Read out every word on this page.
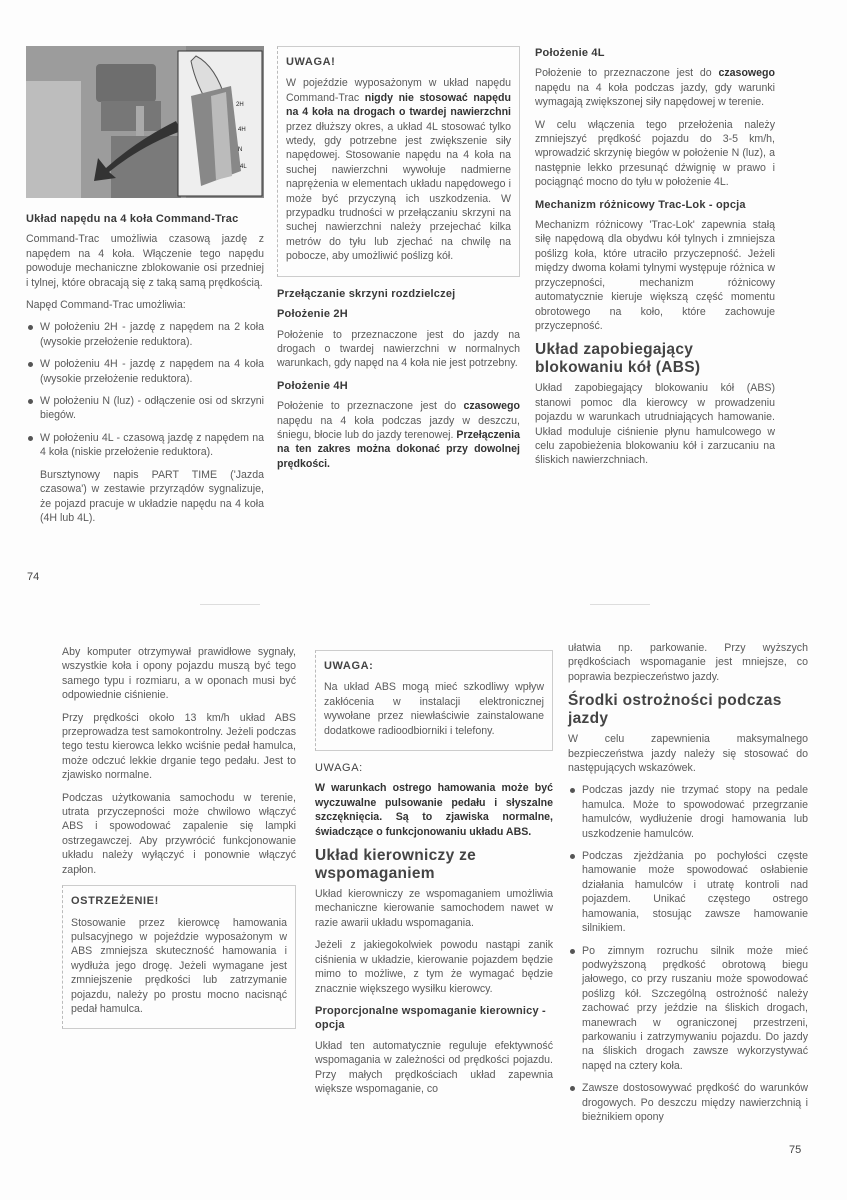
2H
4H
N
4L
Układ napędu na 4 koła Command-Trac

Command-Trac umożliwia czasową jazdę z napędem na 4 koła. Włączenie tego napędu powoduje mechaniczne zblokowanie osi przedniej i tylnej, które obracają się z taką samą prędkością.

Napęd Command-Trac umożliwia:

W położeniu 2H - jazdę z napędem na 2 koła (wysokie przełożenie reduktora).

W położeniu 4H - jazdę z napędem na 4 koła (wysokie przełożenie reduktora).

W położeniu N (luz) - odłączenie osi od skrzyni biegów.

W położeniu 4L - czasową jazdę z napędem na 4 koła (niskie przełożenie reduktora).

Bursztynowy napis PART TIME ('Jazda czasowa') w zestawie przyrządów sygnalizuje, że pojazd pracuje w układzie napędu na 4 koła (4H lub 4L).

UWAGA!

W pojeździe wyposażonym w układ napędu Command-Trac nigdy nie stosować napędu na 4 koła na drogach o twardej nawierzchni przez dłuższy okres, a układ 4L stosować tylko wtedy, gdy potrzebne jest zwiększenie siły napędowej. Stosowanie napędu na 4 koła na suchej nawierzchni wywołuje nadmierne naprężenia w elementach układu napędowego i może być przyczyną ich uszkodzenia. W przypadku trudności w przełączaniu skrzyni na suchej nawierzchni należy przejechać kilka metrów do tyłu lub zjechać na chwilę na pobocze, aby umożliwić poślizg kół.

Przełączanie skrzyni rozdzielczej
Położenie 2H

Położenie to przeznaczone jest do jazdy na drogach o twardej nawierzchni w normalnych warunkach, gdy napęd na 4 koła nie jest potrzebny.

Położenie 4H

Położenie to przeznaczone jest do czasowego napędu na 4 koła podczas jazdy w deszczu, śniegu, błocie lub do jazdy terenowej. Przełączenia na ten zakres można dokonać przy dowolnej prędkości.

Położenie 4L

Położenie to przeznaczone jest do czasowego napędu na 4 koła podczas jazdy, gdy warunki wymagają zwiększonej siły napędowej w terenie.

W celu włączenia tego przełożenia należy zmniejszyć prędkość pojazdu do 3-5 km/h, wprowadzić skrzynię biegów w położenie N (luz), a następnie lekko przesunąć dźwignię w prawo i pociągnąć mocno do tyłu w położenie 4L.

Mechanizm różnicowy Trac-Lok - opcja

Mechanizm różnicowy 'Trac-Lok' zapewnia stałą siłę napędową dla obydwu kół tylnych i zmniejsza poślizg koła, które utraciło przyczepność. Jeżeli między dwoma kołami tylnymi występuje różnica w przyczepności, mechanizm różnicowy automatycznie kieruje większą część momentu obrotowego na koło, które zachowuje przyczepność.

Układ zapobiegający blokowaniu kół (ABS)

Układ zapobiegający blokowaniu kół (ABS) stanowi pomoc dla kierowcy w prowadzeniu pojazdu w warunkach utrudniających hamowanie. Układ moduluje ciśnienie płynu hamulcowego w celu zapobieżenia blokowaniu kół i zarzucaniu na śliskich nawierzchniach.

74

Aby komputer otrzymywał prawidłowe sygnały, wszystkie koła i opony pojazdu muszą być tego samego typu i rozmiaru, a w oponach musi być odpowiednie ciśnienie.

Przy prędkości około 13 km/h układ ABS przeprowadza test samokontrolny. Jeżeli podczas tego testu kierowca lekko wciśnie pedał hamulca, może odczuć lekkie drganie tego pedału. Jest to zjawisko normalne.

Podczas użytkowania samochodu w terenie, utrata przyczepności może chwilowo włączyć ABS i spowodować zapalenie się lampki ostrzegawczej. Aby przywrócić funkcjonowanie układu należy wyłączyć i ponownie włączyć zapłon.

OSTRZEŻENIE!

Stosowanie przez kierowcę hamowania pulsacyjnego w pojeździe wyposażonym w ABS zmniejsza skuteczność hamowania i wydłuża jego drogę. Jeżeli wymagane jest zmniejszenie prędkości lub zatrzymanie pojazdu, należy po prostu mocno nacisnąć pedał hamulca.

UWAGA:

Na układ ABS mogą mieć szkodliwy wpływ zakłócenia w instalacji elektronicznej wywołane przez niewłaściwie zainstalowane dodatkowe radioodbiorniki i telefony.

UWAGA:

W warunkach ostrego hamowania może być wyczuwalne pulsowanie pedału i słyszalne szczęknięcia. Są to zjawiska normalne, świadczące o funkcjonowaniu układu ABS.

Układ kierowniczy ze wspomaganiem

Układ kierowniczy ze wspomaganiem umożliwia mechaniczne kierowanie samochodem nawet w razie awarii układu wspomagania.

Jeżeli z jakiegokolwiek powodu nastąpi zanik ciśnienia w układzie, kierowanie pojazdem będzie mimo to możliwe, z tym że wymagać będzie znacznie większego wysiłku kierowcy.

Proporcjonalne wspomaganie kierownicy - opcja

Układ ten automatycznie reguluje efektywność wspomagania w zależności od prędkości pojazdu. Przy małych prędkościach układ zapewnia większe wspomaganie, co

ułatwia np. parkowanie. Przy wyższych prędkościach wspomaganie jest mniejsze, co poprawia bezpieczeństwo jazdy.

Środki ostrożności podczas jazdy

W celu zapewnienia maksymalnego bezpieczeństwa jazdy należy się stosować do następujących wskazówek.

Podczas jazdy nie trzymać stopy na pedale hamulca. Może to spowodować przegrzanie hamulców, wydłużenie drogi hamowania lub uszkodzenie hamulców.

Podczas zjeżdżania po pochyłości częste hamowanie może spowodować osłabienie działania hamulców i utratę kontroli nad pojazdem. Unikać częstego ostrego hamowania, stosując zawsze hamowanie silnikiem.

Po zimnym rozruchu silnik może mieć podwyższoną prędkość obrotową biegu jałowego, co przy ruszaniu może spowodować poślizg kół. Szczególną ostrożność należy zachować przy jeździe na śliskich drogach, manewrach w ograniczonej przestrzeni, parkowaniu i zatrzymywaniu pojazdu. Do jazdy na śliskich drogach zawsze wykorzystywać napęd na cztery koła.

Zawsze dostosowywać prędkość do warunków drogowych. Po deszczu między nawierzchnią i bieżnikiem opony

75
